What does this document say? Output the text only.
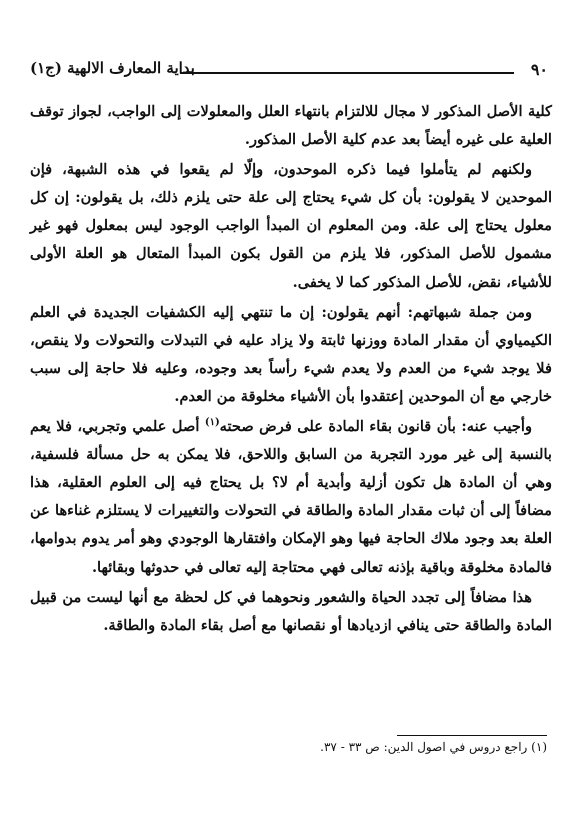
٩٠
بداية المعارف الالهية (ج١)

كلية الأصل المذكور لا مجال للالتزام بانتهاء العلل والمعلولات إلى الواجب، لجواز توقف العلية على غيره أيضاً بعد عدم كلية الأصل المذكور.

ولكنهم لم يتأملوا فيما ذكره الموحدون، وإلّا لم يقعوا في هذه الشبهة، فإن الموحدين لا يقولون: بأن كل شيء يحتاج إلى علة حتى يلزم ذلك، بل يقولون: إن كل معلول يحتاج إلى علة. ومن المعلوم ان المبدأ الواجب الوجود ليس بمعلول فهو غير مشمول للأصل المذكور، فلا يلزم من القول بكون المبدأ المتعال هو العلة الأولى للأشياء، نقض، للأصل المذكور كما لا يخفى.

ومن جملة شبهاتهم: أنهم يقولون: إن ما تنتهي إليه الكشفيات الجديدة في العلم الكيمياوي أن مقدار المادة ووزنها ثابتة ولا يزاد عليه في التبدلات والتحولات ولا ينقص، فلا يوجد شيء من العدم ولا يعدم شيء رأساً بعد وجوده، وعليه فلا حاجة إلى سبب خارجي مع أن الموحدين إعتقدوا بأن الأشياء مخلوقة من العدم.

وأجيب عنه: بأن قانون بقاء المادة على فرض صحته$^{(١)}$ أصل علمي وتجربي، فلا يعم بالنسبة إلى غير مورد التجربة من السابق واللاحق، فلا يمكن به حل مسألة فلسفية، وهي أن المادة هل تكون أزلية وأبدية أم لا؟ بل يحتاج فيه إلى العلوم العقلية، هذا مضافاً إلى أن ثبات مقدار المادة والطاقة في التحولات والتغييرات لا يستلزم غناءها عن العلة بعد وجود ملاك الحاجة فيها وهو الإمكان وافتقارها الوجودي وهو أمر يدوم بدوامها، فالمادة مخلوقة وباقية بإذنه تعالى فهي محتاجة إليه تعالى في حدوثها وبقائها.

هذا مضافاً إلى تجدد الحياة والشعور ونحوهما في كل لحظة مع أنها ليست من قبيل المادة والطاقة حتى ينافي ازديادها أو نقصانها مع أصل بقاء المادة والطاقة.

(١) راجع دروس في اصول الدين: ص ٣٣ - ٣٧.
